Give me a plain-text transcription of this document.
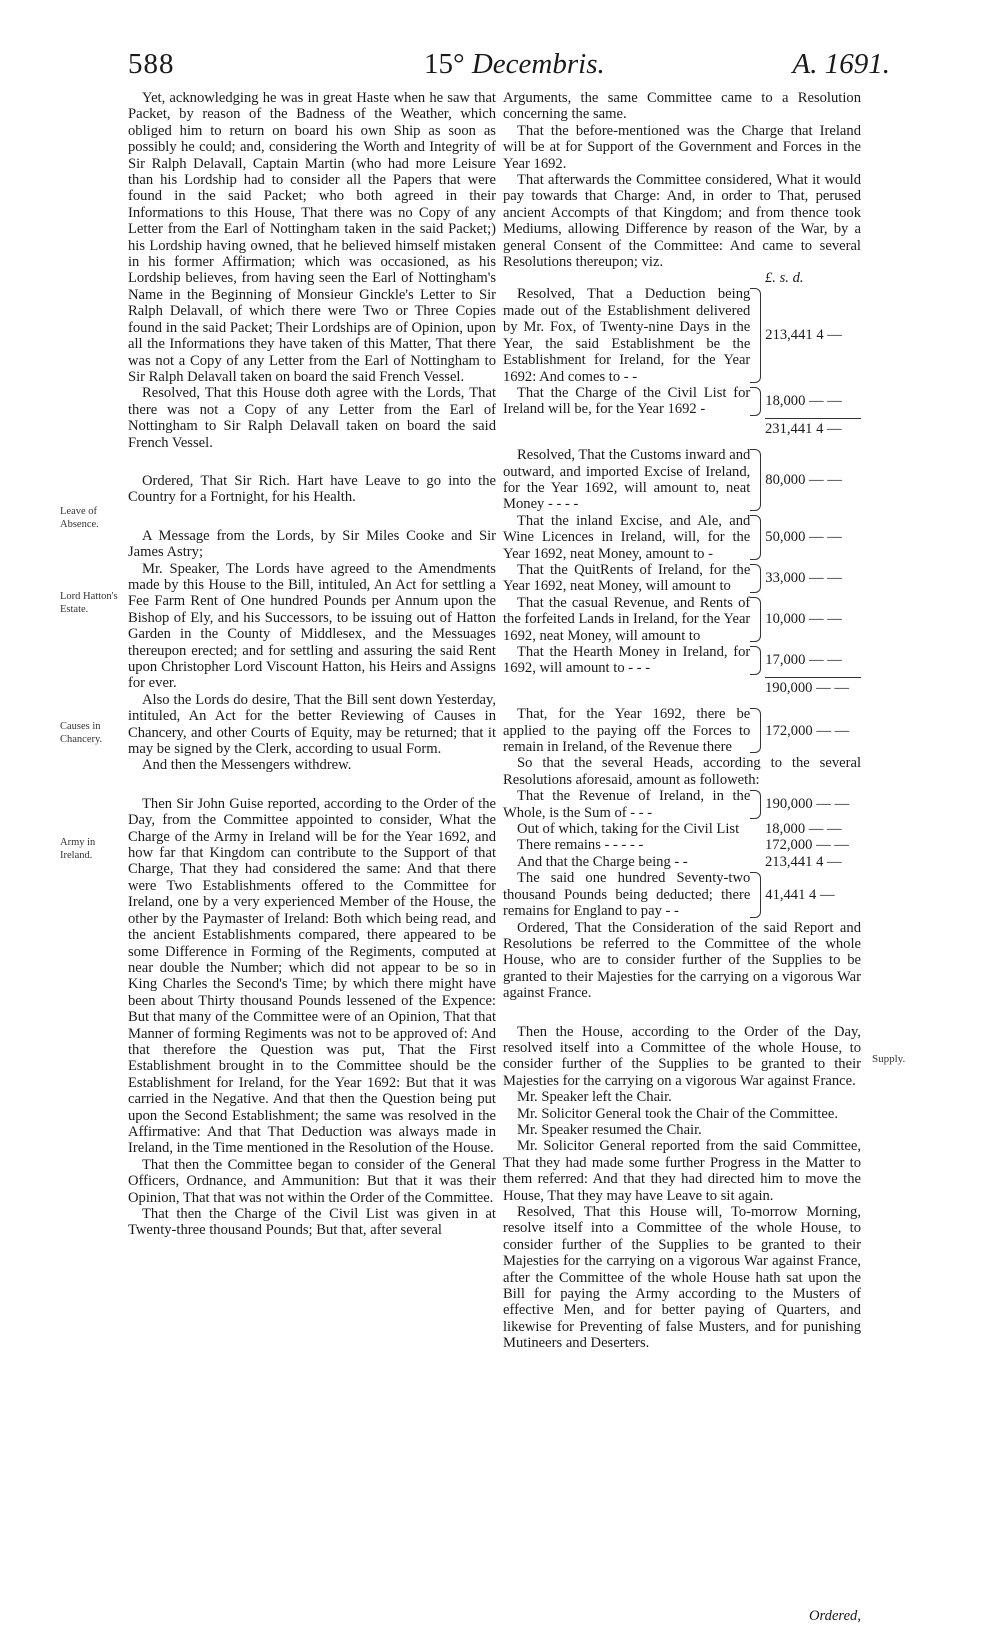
588	15° Decembris.	A. 1691.
Leave of Absence.
Lord Hatton's Estate.
Causes in Chancery.
Army in Ireland.
Supply.

Yet, acknowledging he was in great Haste when he saw that Packet, by reason of the Badness of the Weather, which obliged him to return on board his own Ship as soon as possibly he could; and, considering the Worth and Integrity of Sir Ralph Delavall, Captain Martin (who had more Leisure than his Lordship had to consider all the Papers that were found in the said Packet; who both agreed in their Informations to this House, That there was no Copy of any Letter from the Earl of Nottingham taken in the said Packet;) his Lordship having owned, that he believed himself mistaken in his former Affirmation; which was occasioned, as his Lordship believes, from having seen the Earl of Nottingham's Name in the Beginning of Monsieur Ginckle's Letter to Sir Ralph Delavall, of which there were Two or Three Copies found in the said Packet; Their Lordships are of Opinion, upon all the Informations they have taken of this Matter, That there was not a Copy of any Letter from the Earl of Nottingham to Sir Ralph Delavall taken on board the said French Vessel.

Resolved, That this House doth agree with the Lords, That there was not a Copy of any Letter from the Earl of Nottingham to Sir Ralph Delavall taken on board the said French Vessel.

Ordered, That Sir Rich. Hart have Leave to go into the Country for a Fortnight, for his Health.

A Message from the Lords, by Sir Miles Cooke and Sir James Astry;

Mr. Speaker, The Lords have agreed to the Amendments made by this House to the Bill, intituled, An Act for settling a Fee Farm Rent of One hundred Pounds per Annum upon the Bishop of Ely, and his Successors, to be issuing out of Hatton Garden in the County of Middlesex, and the Messuages thereupon erected; and for settling and assuring the said Rent upon Christopher Lord Viscount Hatton, his Heirs and Assigns for ever.

Also the Lords do desire, That the Bill sent down Yesterday, intituled, An Act for the better Reviewing of Causes in Chancery, and other Courts of Equity, may be returned; that it may be signed by the Clerk, according to usual Form.

And then the Messengers withdrew.

Then Sir John Guise reported, according to the Order of the Day, from the Committee appointed to consider, What the Charge of the Army in Ireland will be for the Year 1692, and how far that Kingdom can contribute to the Support of that Charge, That they had considered the same: And that there were Two Establishments offered to the Committee for Ireland, one by a very experienced Member of the House, the other by the Paymaster of Ireland: Both which being read, and the ancient Establishments compared, there appeared to be some Difference in Forming of the Regiments, computed at near double the Number; which did not appear to be so in King Charles the Second's Time; by which there might have been about Thirty thousand Pounds lessened of the Expence: But that many of the Committee were of an Opinion, That that Manner of forming Regiments was not to be approved of: And that therefore the Question was put, That the First Establishment brought in to the Committee should be the Establishment for Ireland, for the Year 1692: But that it was carried in the Negative. And that then the Question being put upon the Second Establishment; the same was resolved in the Affirmative: And that That Deduction was always made in Ireland, in the Time mentioned in the Resolution of the House.

That then the Committee began to consider of the General Officers, Ordnance, and Ammunition: But that it was their Opinion, That that was not within the Order of the Committee.

That then the Charge of the Civil List was given in at Twenty-three thousand Pounds; But that, after several

Arguments, the same Committee came to a Resolution concerning the same.

That the before-mentioned was the Charge that Ireland will be at for Support of the Government and Forces in the Year 1692.

That afterwards the Committee considered, What it would pay towards that Charge: And, in order to That, perused ancient Accompts of that Kingdom; and from thence took Mediums, allowing Difference by reason of the War, by a general Consent of the Committee: And came to several Resolutions thereupon; viz.

£. s. d.
Resolved, That a Deduction being made out of the Establishment delivered by Mr. Fox, of Twenty-nine Days in the Year, the said Establishment be the Establishment for Ireland, for the Year 1692: And comes to - -
213,441 4 —
That the Charge of the Civil List for Ireland will be, for the Year 1692 -
18,000 — —
231,441 4 —
Resolved, That the Customs inward and outward, and imported Excise of Ireland, for the Year 1692, will amount to, neat Money - - - -
80,000 — —
That the inland Excise, and Ale, and Wine Licences in Ireland, will, for the Year 1692, neat Money, amount to -
50,000 — —
That the QuitRents of Ireland, for the Year 1692, neat Money, will amount to
33,000 — —
That the casual Revenue, and Rents of the forfeited Lands in Ireland, for the Year 1692, neat Money, will amount to
10,000 — —
That the Hearth Money in Ireland, for 1692, will amount to - - -
17,000 — —
190,000 — —
That, for the Year 1692, there be applied to the paying off the Forces to remain in Ireland, of the Revenue there
172,000 — —

So that the several Heads, according to the several Resolutions aforesaid, amount as followeth:

That the Revenue of Ireland, in the Whole, is the Sum of - - -
190,000 — —
Out of which, taking for the Civil List	18,000 — —
There remains - - - - -	172,000 — —
And that the Charge being - -	213,441 4 —
The said one hundred Seventy-two thousand Pounds being deducted; there remains for England to pay - -
41,441 4 —

Ordered, That the Consideration of the said Report and Resolutions be referred to the Committee of the whole House, who are to consider further of the Supplies to be granted to their Majesties for the carrying on a vigorous War against France.

Then the House, according to the Order of the Day, resolved itself into a Committee of the whole House, to consider further of the Supplies to be granted to their Majesties for the carrying on a vigorous War against France.

Mr. Speaker left the Chair.

Mr. Solicitor General took the Chair of the Committee.

Mr. Speaker resumed the Chair.

Mr. Solicitor General reported from the said Committee, That they had made some further Progress in the Matter to them referred: And that they had directed him to move the House, That they may have Leave to sit again.

Resolved, That this House will, To-morrow Morning, resolve itself into a Committee of the whole House, to consider further of the Supplies to be granted to their Majesties for the carrying on a vigorous War against France, after the Committee of the whole House hath sat upon the Bill for paying the Army according to the Musters of effective Men, and for better paying of Quarters, and likewise for Preventing of false Musters, and for punishing Mutineers and Deserters.

Ordered,
